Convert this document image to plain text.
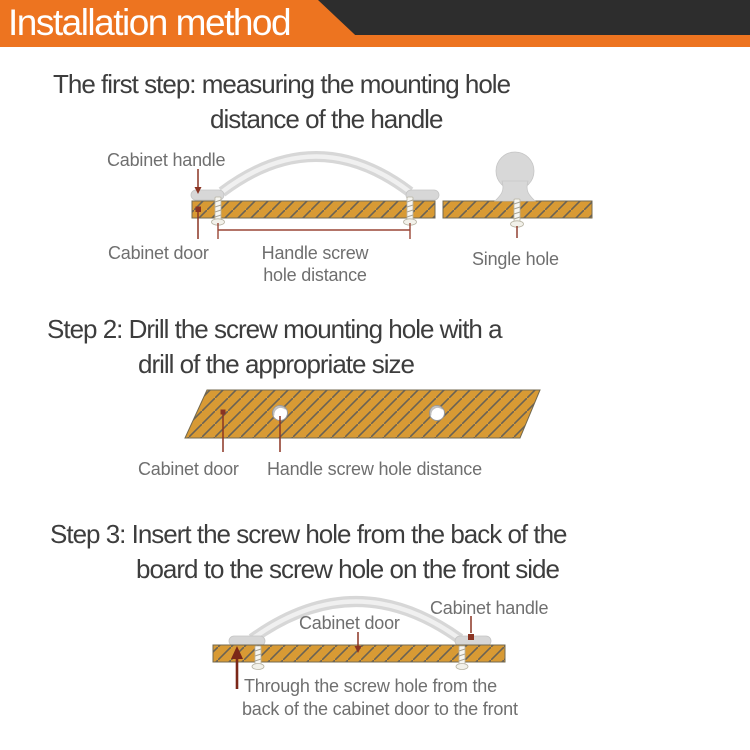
Installation method
The first step: measuring the mounting hole
distance of the handle
Cabinet handle
Cabinet door	Handle screw
hole distance
Single hole
Step 2: Drill the screw mounting hole with a
drill of the appropriate size
Cabinet door Handle screw hole distance
Step 3: Insert the screw hole from the back of the
board to the screw hole on the front side
Cabinet door
Cabinet handle
Through the screw hole from the
back of the cabinet door to the front
